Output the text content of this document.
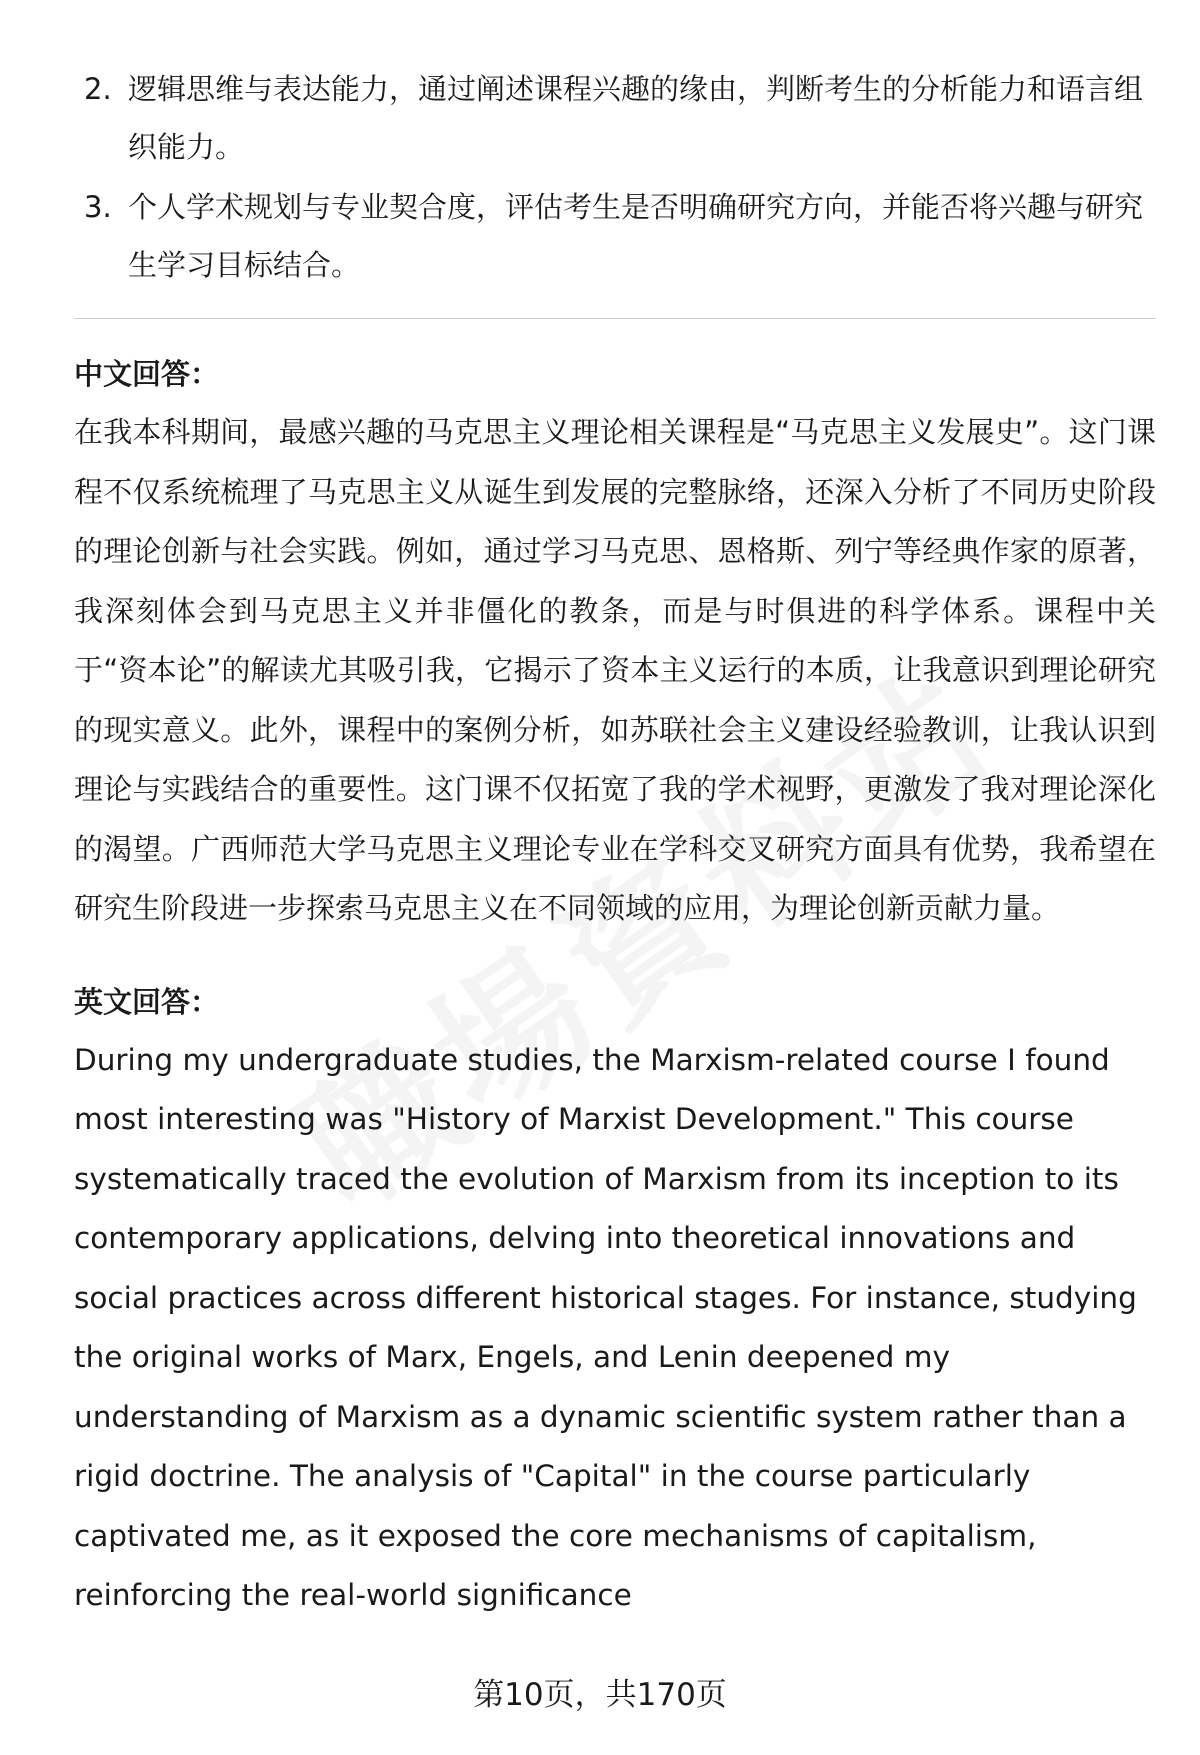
2. 逻辑思维与表达能力，通过阐述课程兴趣的缘由，判断考生的分析能力和语言组织能力。
3. 个人学术规划与专业契合度，评估考生是否明确研究方向，并能否将兴趣与研究生学习目标结合。
中文回答：

在我本科期间，最感兴趣的马克思主义理论相关课程是“马克思主义发展史”。这门课程不仅系统梳理了马克思主义从诞生到发展的完整脉络，还深入分析了不同历史阶段的理论创新与社会实践。例如，通过学习马克思、恩格斯、列宁等经典作家的原著，我深刻体会到马克思主义并非僵化的教条，而是与时俱进的科学体系。课程中关于“资本论”的解读尤其吸引我，它揭示了资本主义运行的本质，让我意识到理论研究的现实意义。此外，课程中的案例分析，如苏联社会主义建设经验教训，让我认识到理论与实践结合的重要性。这门课不仅拓宽了我的学术视野，更激发了我对理论深化的渴望。广西师范大学马克思主义理论专业在学科交叉研究方面具有优势，我希望在研究生阶段进一步探索马克思主义在不同领域的应用，为理论创新贡献力量。

英文回答：

During my undergraduate studies, the Marxism-related course I found most interesting was "History of Marxist Development." This course systematically traced the evolution of Marxism from its inception to its contemporary applications, delving into theoretical innovations and social practices across different historical stages. For instance, studying the original works of Marx, Engels, and Lenin deepened my understanding of Marxism as a dynamic scientific system rather than a rigid doctrine. The analysis of "Capital" in the course particularly captivated me, as it exposed the core mechanisms of capitalism, reinforcing the real-world significance

第10页，共170页
